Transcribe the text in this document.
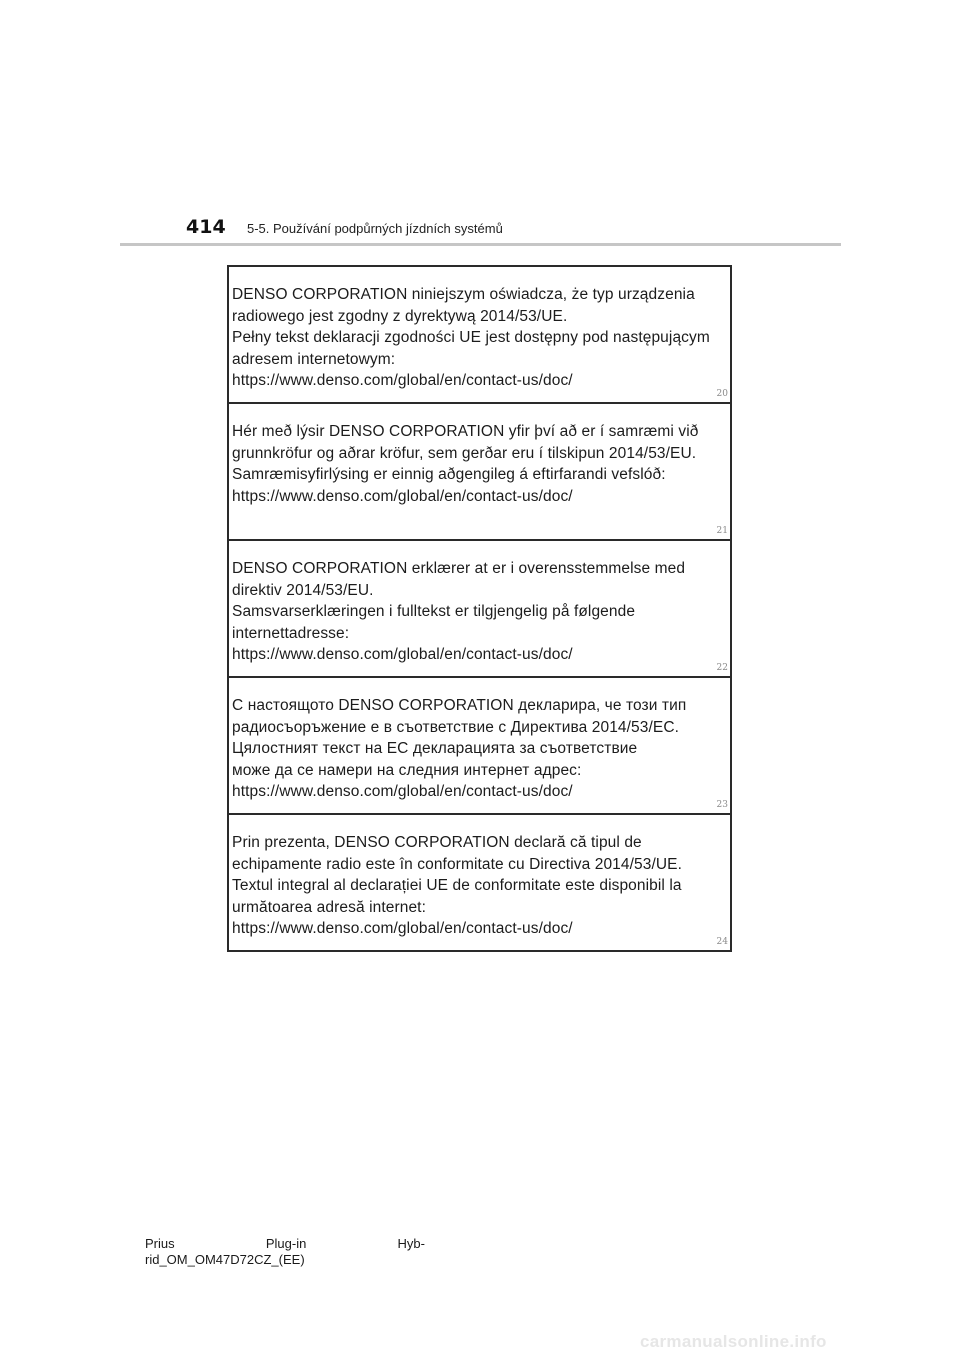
414 5-5. Používání podpůrných jízdních systémů
DENSO CORPORATION niniejszym oświadcza, że typ urządzenia
radiowego jest zgodny z dyrektywą 2014/53/UE.
Pełny tekst deklaracji zgodności UE jest dostępny pod następującym
adresem internetowym:
https://www.denso.com/global/en/contact-us/doc/
20
Hér með lýsir DENSO CORPORATION yfir því að er í samræmi við
grunnkröfur og aðrar kröfur, sem gerðar eru í tilskipun 2014/53/EU.
Samræmisyfirlýsing er einnig aðgengileg á eftirfarandi vefslóð:
https://www.denso.com/global/en/contact-us/doc/
21
DENSO CORPORATION erklærer at er i overensstemmelse med
direktiv 2014/53/EU.
Samsvarserklæringen i fulltekst er tilgjengelig på følgende
internettadresse:
https://www.denso.com/global/en/contact-us/doc/
22
С настоящото DENSO CORPORATION декларира, че този тип
радиосъоръжение е в съответствие с Директива 2014/53/ЕС.
Цялостният текст на ЕС декларацията за съответствие
може да се намери на следния интернет адрес:
https://www.denso.com/global/en/contact-us/doc/
23
Prin prezenta, DENSO CORPORATION declară că tipul de
echipamente radio este în conformitate cu Directiva 2014/53/UE.
Textul integral al declarației UE de conformitate este disponibil la
următoarea adresă internet:
https://www.denso.com/global/en/contact-us/doc/
24
Prius	Plug-in	Hyb-
rid_OM_OM47D72CZ_(EE)
carmanualsonline.info
